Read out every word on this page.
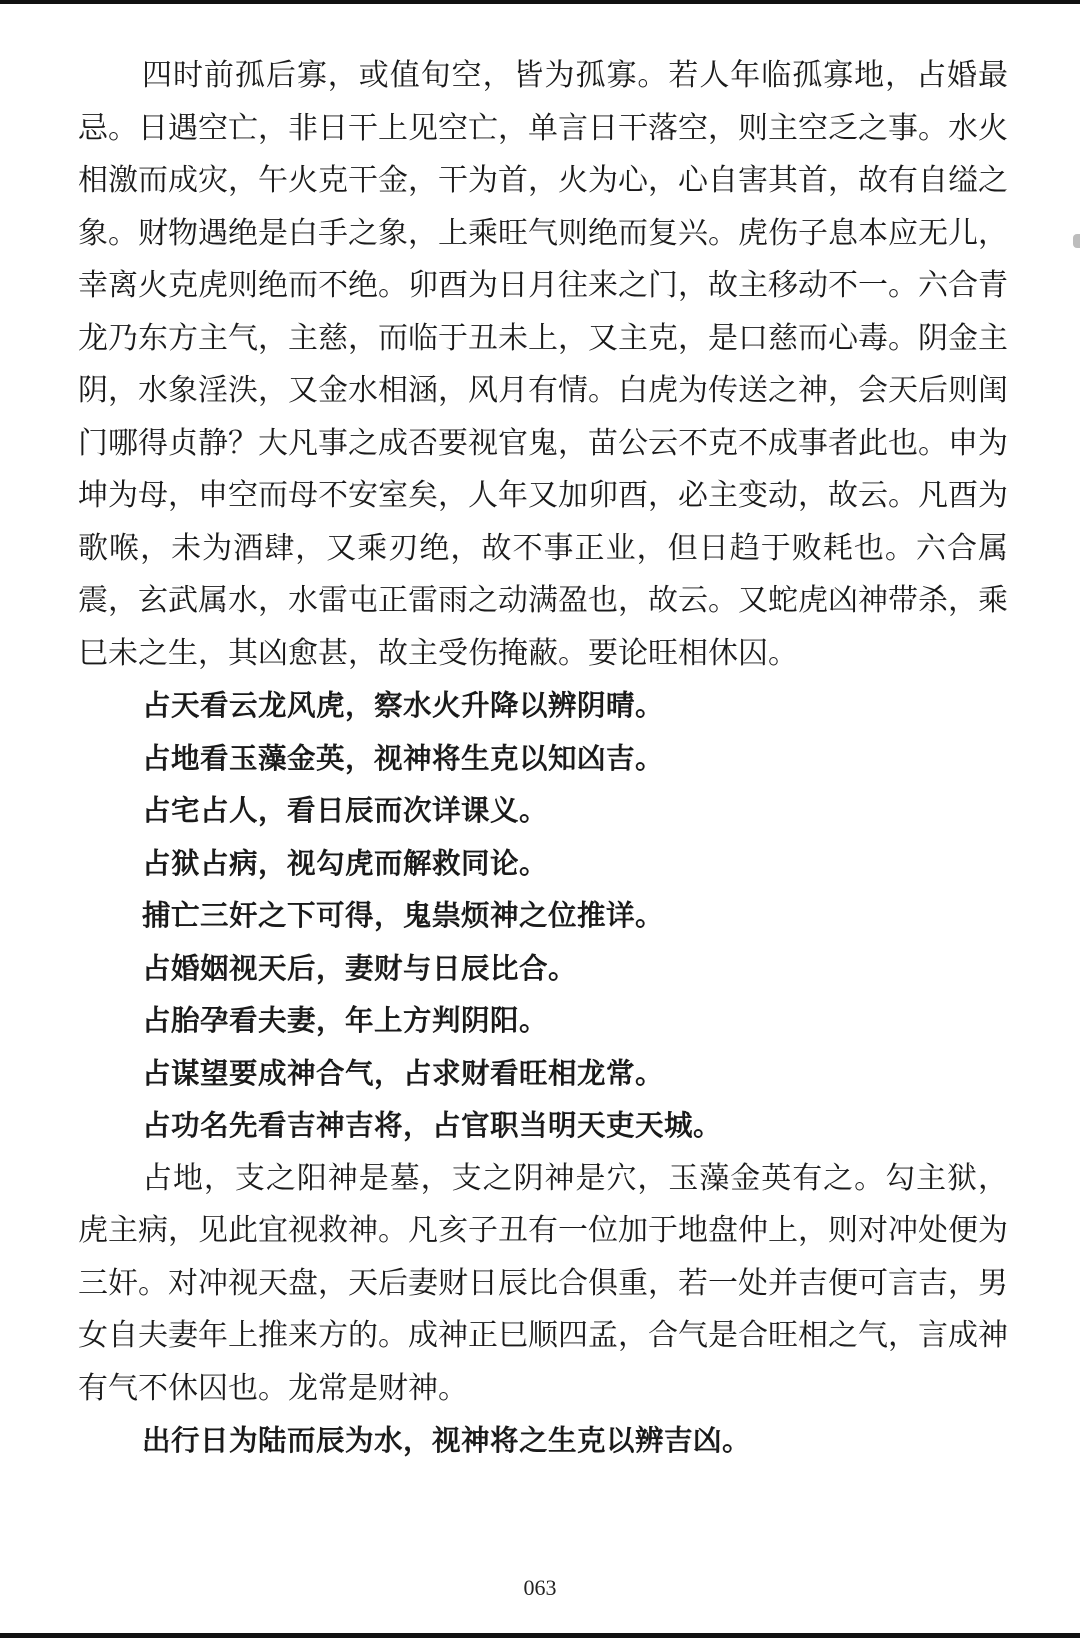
四时前孤后寡，或值旬空，皆为孤寡。若人年临孤寡地，占婚最忌。日遇空亡，非日干上见空亡，单言日干落空，则主空乏之事。水火相激而成灾，午火克干金，干为首，火为心，心自害其首，故有自缢之象。财物遇绝是白手之象，上乘旺气则绝而复兴。虎伤子息本应无儿，幸离火克虎则绝而不绝。卯酉为日月往来之门，故主移动不一。六合青龙乃东方主气，主慈，而临于丑未上，又主克，是口慈而心毒。阴金主阴，水象淫泆，又金水相涵，风月有情。白虎为传送之神，会天后则闺门哪得贞静？大凡事之成否要视官鬼，苗公云不克不成事者此也。申为坤为母，申空而母不安室矣，人年又加卯酉，必主变动，故云。凡酉为歌喉，未为酒肆，又乘刃绝，故不事正业，但日趋于败耗也。六合属震，玄武属水，水雷屯正雷雨之动满盈也，故云。又蛇虎凶神带杀，乘巳未之生，其凶愈甚，故主受伤掩蔽。要论旺相休囚。

占天看云龙风虎，察水火升降以辨阴晴。

占地看玉藻金英，视神将生克以知凶吉。

占宅占人，看日辰而次详课义。

占狱占病，视勾虎而解救同论。

捕亡三奸之下可得，鬼祟烦神之位推详。

占婚姻视天后，妻财与日辰比合。

占胎孕看夫妻，年上方判阴阳。

占谋望要成神合气，占求财看旺相龙常。

占功名先看吉神吉将，占官职当明天吏天城。

占地，支之阳神是墓，支之阴神是穴，玉藻金英有之。勾主狱，虎主病，见此宜视救神。凡亥子丑有一位加于地盘仲上，则对冲处便为三奸。对冲视天盘，天后妻财日辰比合俱重，若一处并吉便可言吉，男女自夫妻年上推来方的。成神正巳顺四孟，合气是合旺相之气，言成神有气不休囚也。龙常是财神。

出行日为陆而辰为水，视神将之生克以辨吉凶。

063
